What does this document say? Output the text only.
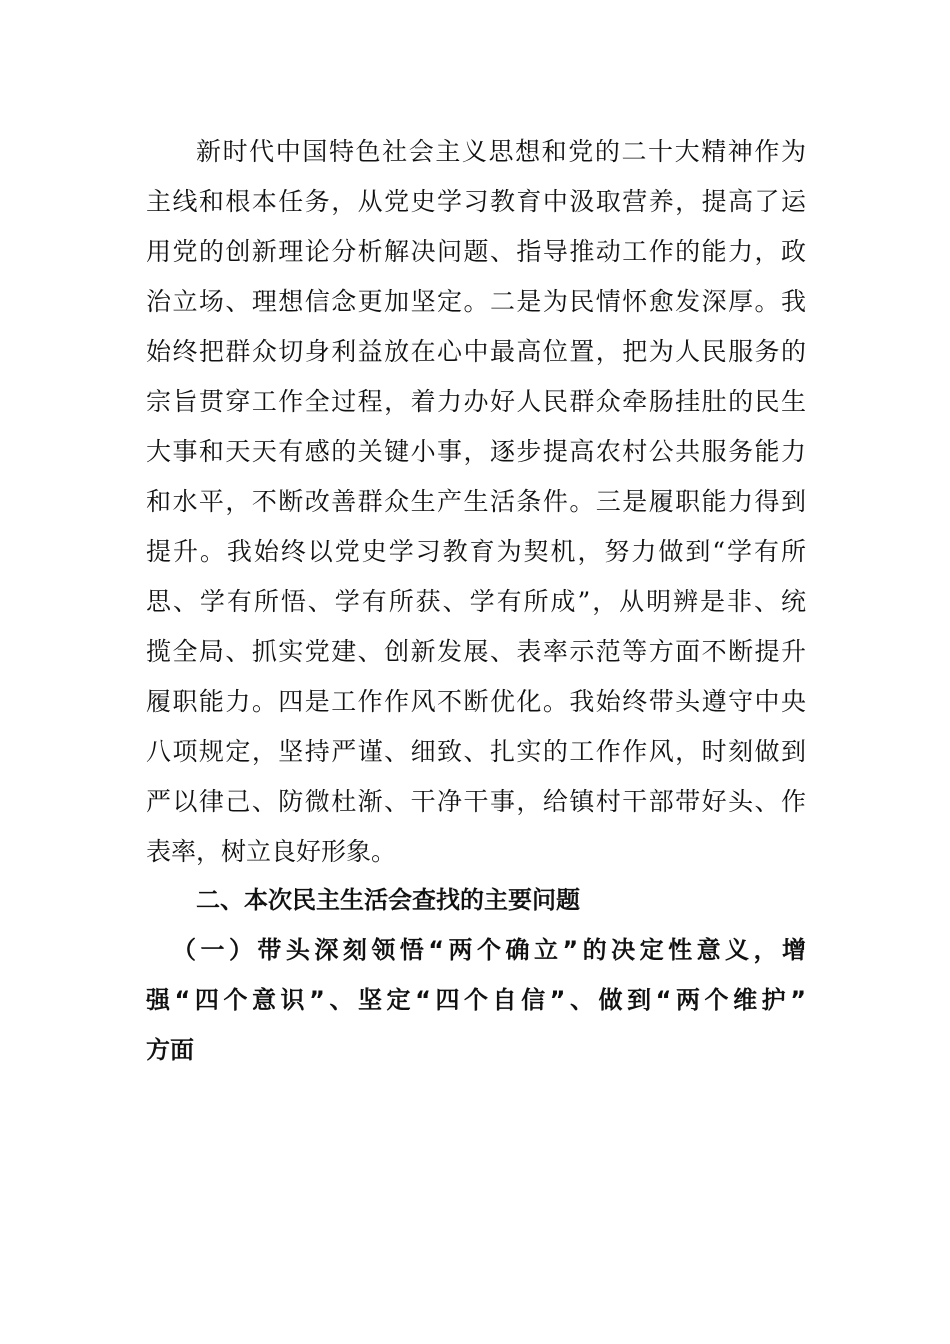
新时代中国特色社会主义思想和党的二十大精神作为
主线和根本任务，从党史学习教育中汲取营养，提高了运
用党的创新理论分析解决问题、指导推动工作的能力，政
治立场、理想信念更加坚定。二是为民情怀愈发深厚。我
始终把群众切身利益放在心中最高位置，把为人民服务的
宗旨贯穿工作全过程，着力办好人民群众牵肠挂肚的民生
大事和天天有感的关键小事，逐步提高农村公共服务能力
和水平，不断改善群众生产生活条件。三是履职能力得到
提升。我始终以党史学习教育为契机，努力做到“学有所
思、学有所悟、学有所获、学有所成”，从明辨是非、统
揽全局、抓实党建、创新发展、表率示范等方面不断提升
履职能力。四是工作作风不断优化。我始终带头遵守中央
八项规定，坚持严谨、细致、扎实的工作作风，时刻做到
严以律己、防微杜渐、干净干事，给镇村干部带好头、作
表率，树立良好形象。
二、本次民主生活会查找的主要问题
（一）带头深刻领悟“两个确立”的决定性意义，增
强“四个意识”、坚定“四个自信”、做到“两个维护”
方面
